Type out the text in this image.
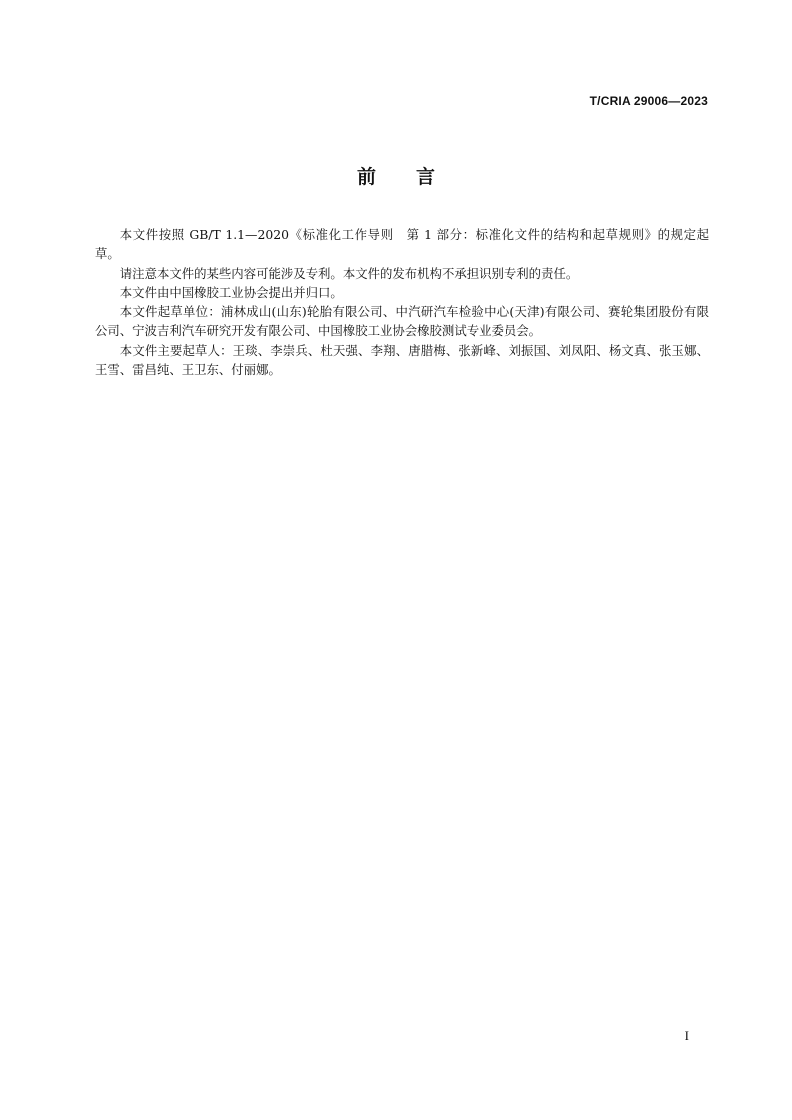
T/CRIA 29006—2023
前 言

本文件按照 GB/T 1.1—2020《标准化工作导则　第 1 部分：标准化文件的结构和起草规则》的规定起草。

请注意本文件的某些内容可能涉及专利。本文件的发布机构不承担识别专利的责任。

本文件由中国橡胶工业协会提出并归口。

本文件起草单位：浦林成山(山东)轮胎有限公司、中汽研汽车检验中心(天津)有限公司、赛轮集团股份有限公司、宁波吉利汽车研究开发有限公司、中国橡胶工业协会橡胶测试专业委员会。

本文件主要起草人：王琰、李崇兵、杜天强、李翔、唐腊梅、张新峰、刘振国、刘凤阳、杨文真、张玉娜、王雪、雷昌纯、王卫东、付丽娜。

I
